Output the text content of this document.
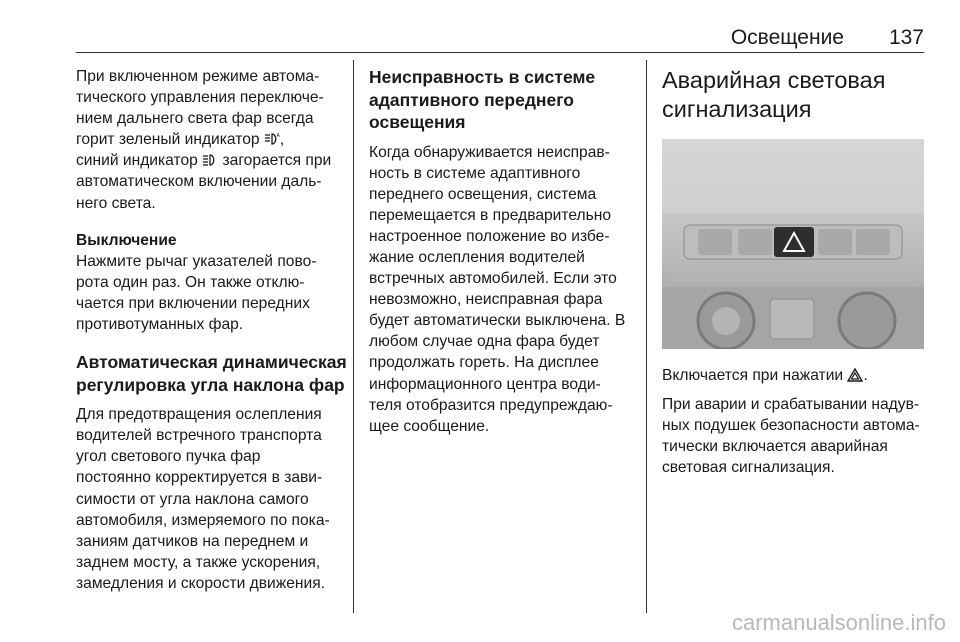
Освещение 137

При включенном режиме автома-

тического управления переключе-

нием дальнего света фар всегда

горит зеленый индикатор	A ,

синий индикатор загорается при

автоматическом включении даль-

него света.

Выключение

Нажмите рычаг указателей пово-

рота один раз. Он также отклю-

чается при включении передних

противотуманных фар.

Автоматическая динамическая

регулировка угла наклона фар

Для предотвращения ослепления

водителей встречного транспорта

угол светового пучка фар

постоянно корректируется в зави-

симости от угла наклона самого

автомобиля, измеряемого по пока-

заниям датчиков на переднем и

заднем мосту, а также ускорения,

замедления и скорости движения.

Неисправность в системе

адаптивного переднего

освещения

Когда обнаруживается неисправ-

ность в системе адаптивного

переднего освещения, система

перемещается в предварительно

настроенное положение во избе-

жание ослепления водителей

встречных автомобилей. Если это

невозможно, неисправная фара

будет автоматически выключена. В

любом случае одна фара будет

продолжать гореть. На дисплее

информационного центра води-

теля отобразится предупреждаю-

щее сообщение.

Аварийная световая

сигнализация

Включается при нажатии .

При аварии и срабатывании надув-

ных подушек безопасности автома-

тически включается аварийная

световая сигнализация.

carmanualsonline.info
